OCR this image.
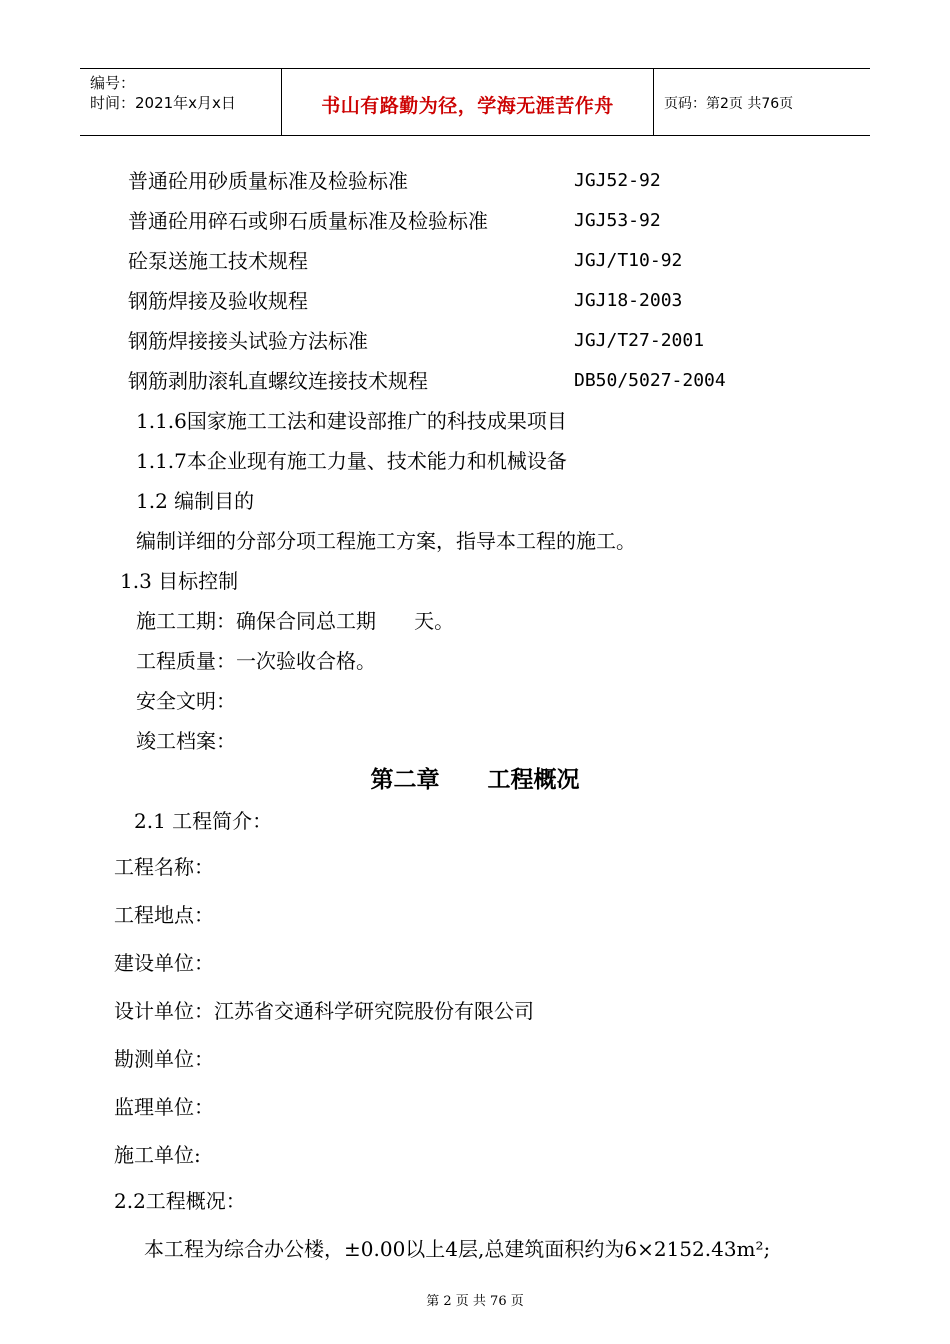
编号：
时间：2021年x月x日	书山有路勤为径，学海无涯苦作舟	页码：第2页 共76页
普通砼用砂质量标准及检验标准	JGJ52-92
普通砼用碎石或卵石质量标准及检验标准	JGJ53-92
砼泵送施工技术规程	JGJ/T10-92
钢筋焊接及验收规程	JGJ18-2003
钢筋焊接接头试验方法标准	JGJ/T27-2001
钢筋剥肋滚轧直螺纹连接技术规程	DB50/5027-2004
1.1.6国家施工工法和建设部推广的科技成果项目
1.1.7本企业现有施工力量、技术能力和机械设备
1.2 编制目的
编制详细的分部分项工程施工方案，指导本工程的施工。
1.3 目标控制
施工工期：确保合同总工期      天。
工程质量：一次验收合格。
安全文明：
竣工档案：
第二章      工程概况
2.1 工程简介：
工程名称：
工程地点：
建设单位：
设计单位：江苏省交通科学研究院股份有限公司
勘测单位：
监理单位：
施工单位:
2.2工程概况：
本工程为综合办公楼，±0.00以上4层,总建筑面积约为6×2152.43m²;
第 2 页 共 76 页
